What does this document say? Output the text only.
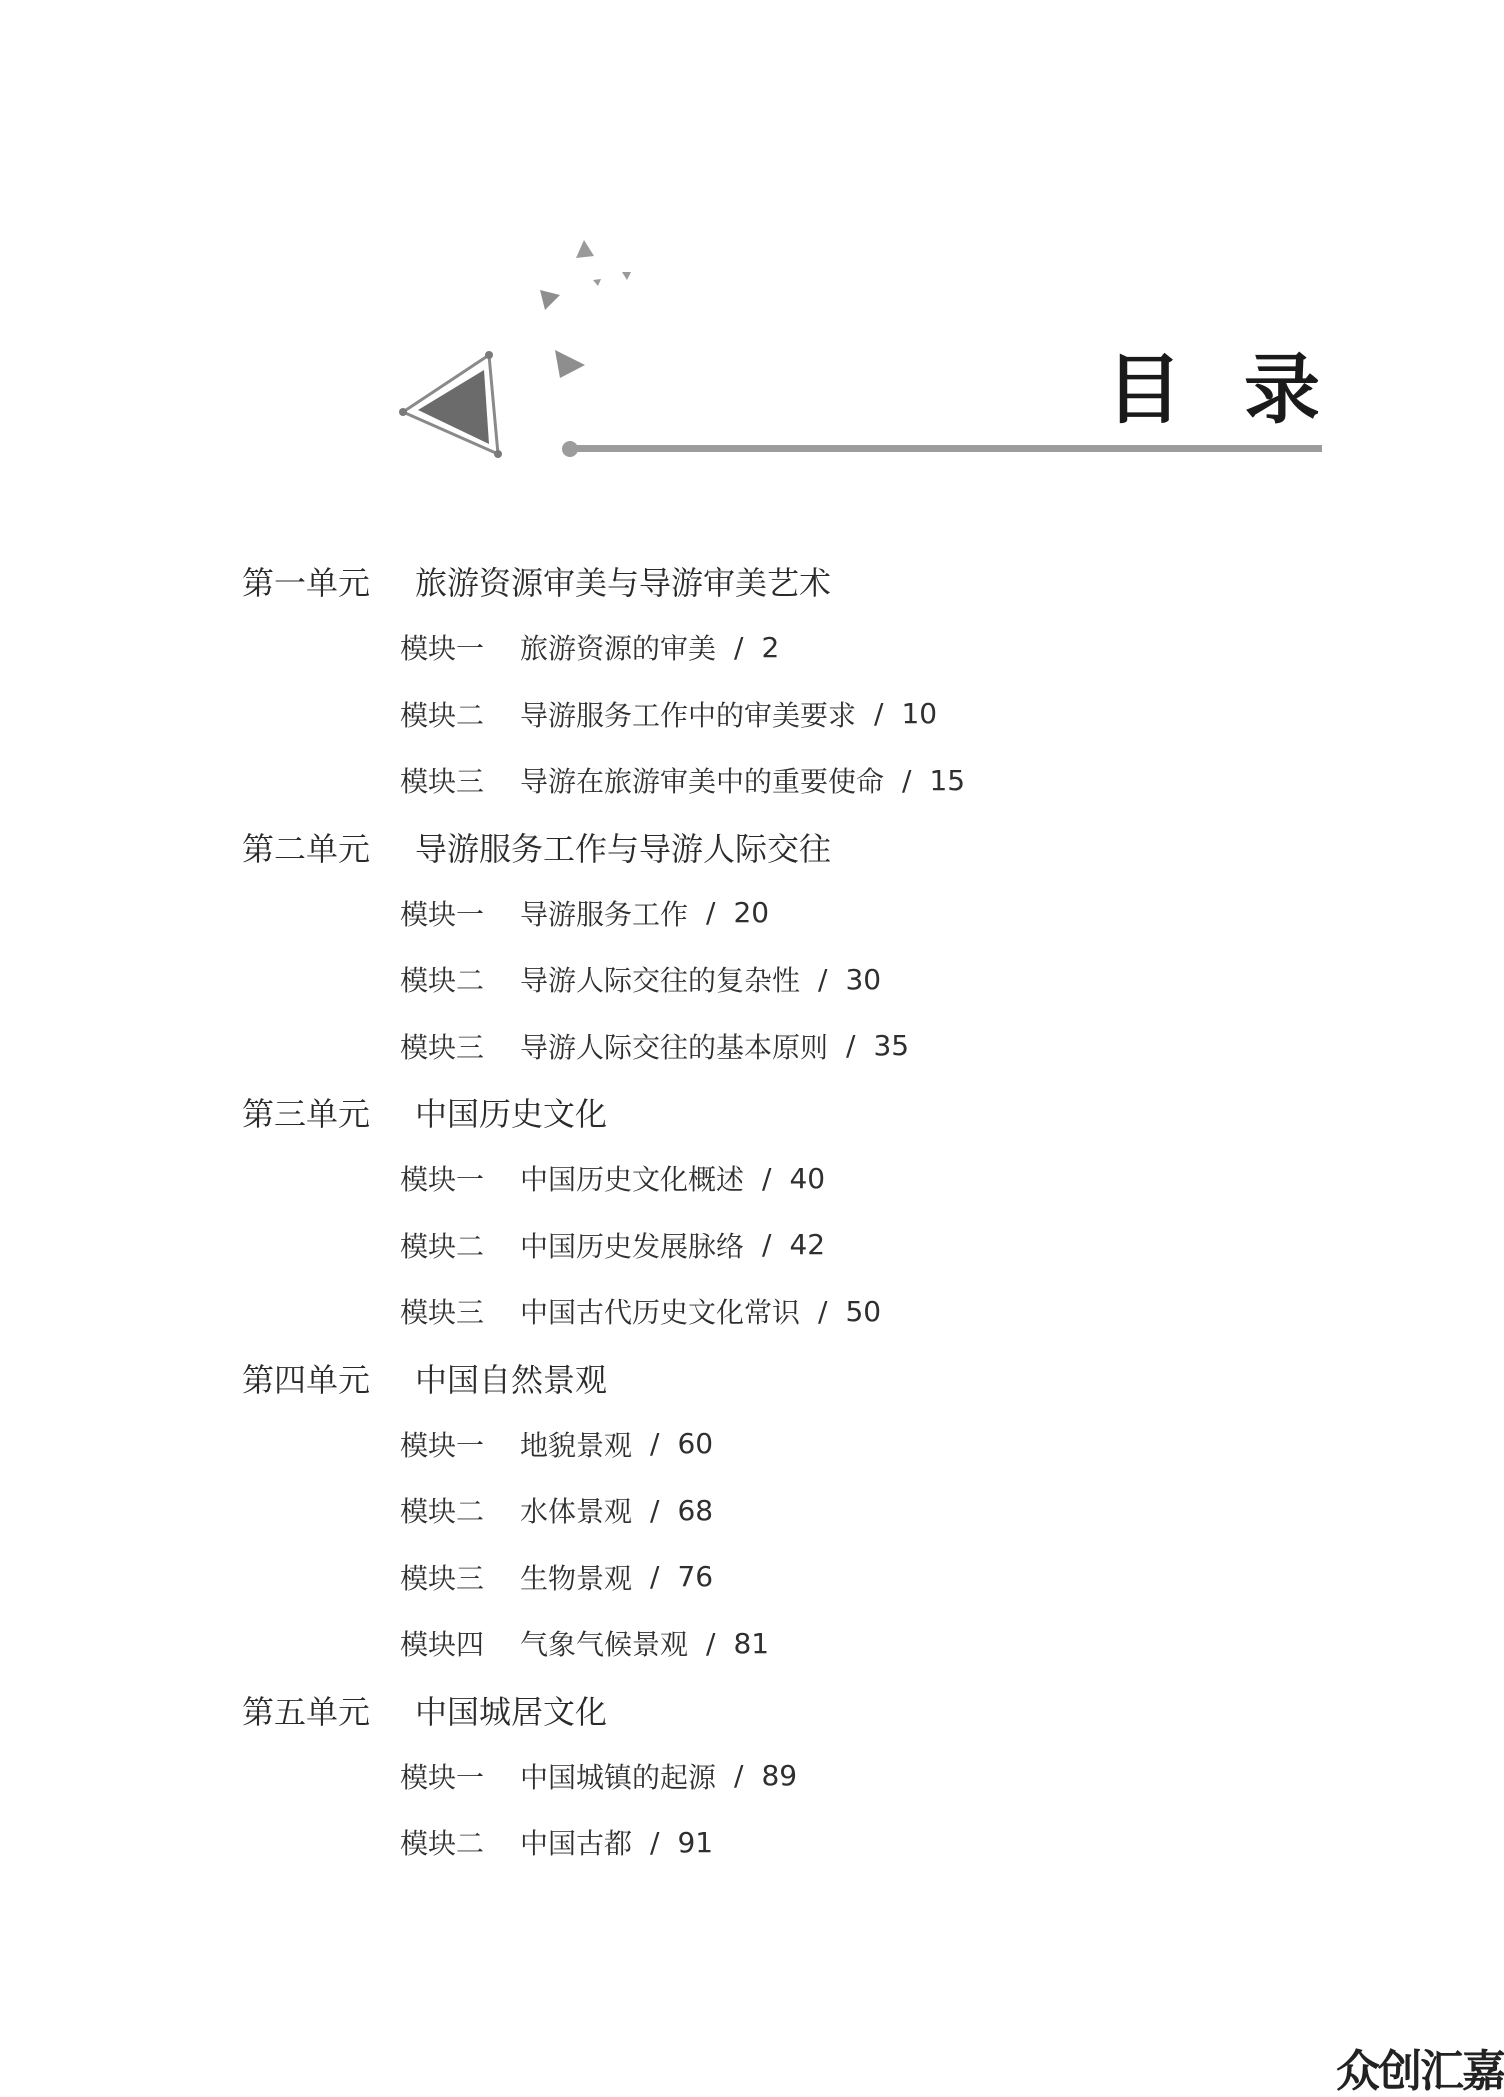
目录
第一单元	旅游资源审美与导游审美艺术
模块一	旅游资源的审美 / 2
模块二	导游服务工作中的审美要求 / 10
模块三	导游在旅游审美中的重要使命 / 15
第二单元	导游服务工作与导游人际交往
模块一	导游服务工作 / 20
模块二	导游人际交往的复杂性 / 30
模块三	导游人际交往的基本原则 / 35
第三单元	中国历史文化
模块一	中国历史文化概述 / 40
模块二	中国历史发展脉络 / 42
模块三	中国古代历史文化常识 / 50
第四单元	中国自然景观
模块一	地貌景观 / 60
模块二	水体景观 / 68
模块三	生物景观 / 76
模块四	气象气候景观 / 81
第五单元	中国城居文化
模块一	中国城镇的起源 / 89
模块二	中国古都 / 91
众创汇嘉
